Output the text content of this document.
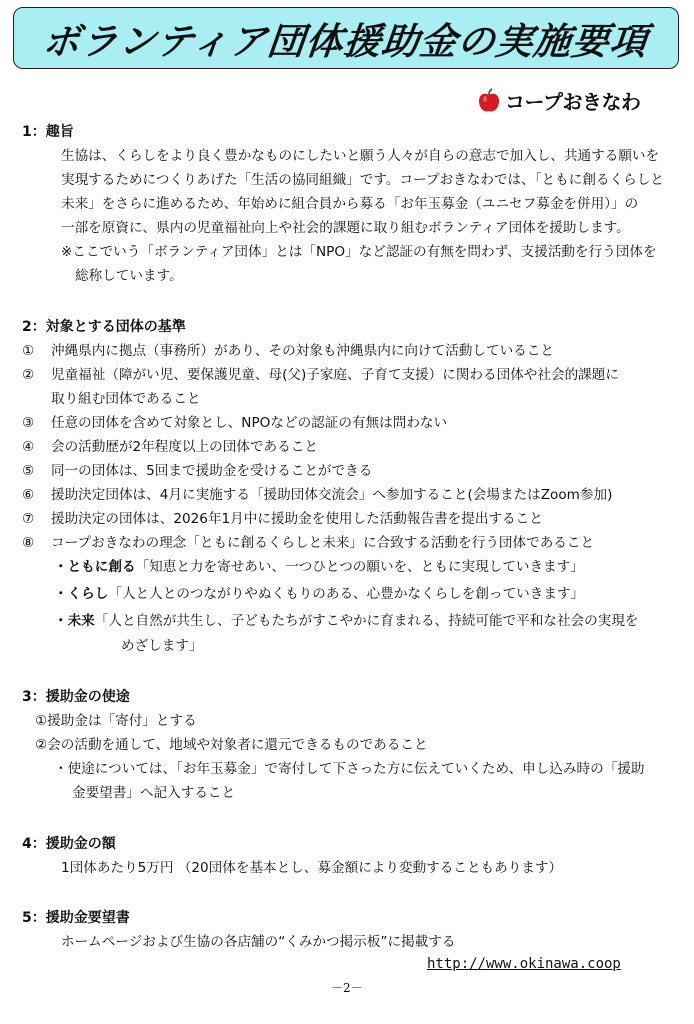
ボランティア団体援助金の実施要項
コープおきなわ
1：趣旨
生協は、くらしをより良く豊かなものにしたいと願う人々が自らの意志で加入し、共通する願いを
実現するためにつくりあげた「生活の協同組織」です。コープおきなわでは、「ともに創るくらしと
未来」をさらに進めるため、年始めに組合員から募る「お年玉募金（ユニセフ募金を併用）」の
一部を原資に、県内の児童福祉向上や社会的課題に取り組むボランティア団体を援助します。
※ここでいう「ボランティア団体」とは「NPO」など認証の有無を問わず、支援活動を行う団体を
総称しています。
2：対象とする団体の基準
① 沖縄県内に拠点（事務所）があり、その対象も沖縄県内に向けて活動していること
② 児童福祉（障がい児、要保護児童、母(父)子家庭、子育て支援）に関わる団体や社会的課題に
取り組む団体であること
③ 任意の団体を含めて対象とし、NPOなどの認証の有無は問わない
④ 会の活動歴が2年程度以上の団体であること
⑤ 同一の団体は、5回まで援助金を受けることができる
⑥ 援助決定団体は、4月に実施する「援助団体交流会」へ参加すること(会場またはZoom参加)
⑦ 援助決定の団体は、2026年1月中に援助金を使用した活動報告書を提出すること
⑧ コープおきなわの理念「ともに創るくらしと未来」に合致する活動を行う団体であること
・ともに創る「知恵と力を寄せあい、一つひとつの願いを、ともに実現していきます」
・くらし「人と人とのつながりやぬくもりのある、心豊かなくらしを創っていきます」
・未来「人と自然が共生し、子どもたちがすこやかに育まれる、持続可能で平和な社会の実現を
めざします」
3：援助金の使途
①援助金は「寄付」とする
②会の活動を通して、地域や対象者に還元できるものであること
・使途については、「お年玉募金」で寄付して下さった方に伝えていくため、申し込み時の「援助
金要望書」へ記入すること
4：援助金の額
1団体あたり5万円 （20団体を基本とし、募金額により変動することもあります）
5：援助金要望書
ホームページおよび生協の各店舗の“くみかつ掲示板”に掲載する
http://www.okinawa.coop
－2－
